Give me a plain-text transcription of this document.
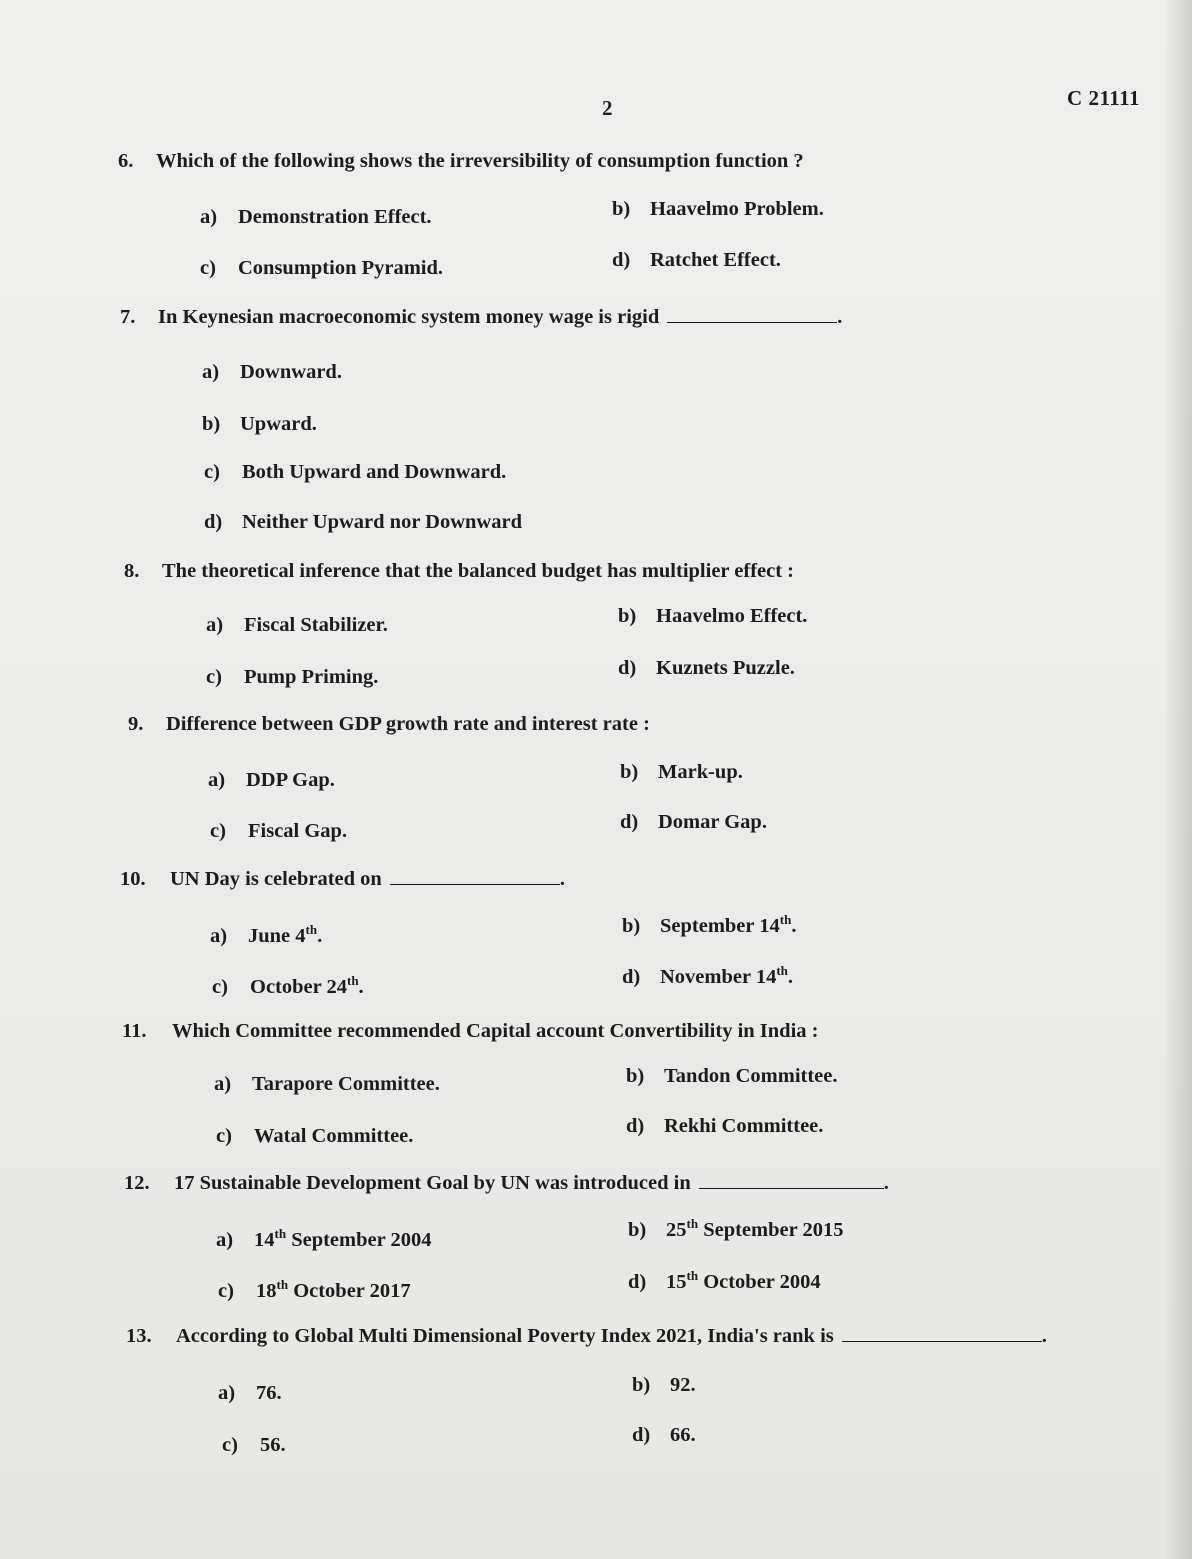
2	C 21111
6. Which of the following shows the irreversibility of consumption function ?
a) Demonstration Effect.	b) Haavelmo Problem.
c) Consumption Pyramid.	d) Ratchet Effect.
7. In Keynesian macroeconomic system money wage is rigid	.
a) Downward.
b) Upward.
c) Both Upward and Downward.
d) Neither Upward nor Downward
8. The theoretical inference that the balanced budget has multiplier effect :
a) Fiscal Stabilizer.	b) Haavelmo Effect.
c) Pump Priming.	d) Kuznets Puzzle.
9. Difference between GDP growth rate and interest rate :
a) DDP Gap.	b) Mark-up.
c) Fiscal Gap.	d) Domar Gap.
10. UN Day is celebrated on	.
a) June 4th.	b) September 14th.
c) October 24th.	d) November 14th.
11. Which Committee recommended Capital account Convertibility in India :
a) Tarapore Committee.	b) Tandon Committee.
c) Watal Committee.	d) Rekhi Committee.
12. 17 Sustainable Development Goal by UN was introduced in	.
a) 14th September 2004	b) 25th September 2015
c) 18th October 2017	d) 15th October 2004
13. According to Global Multi Dimensional Poverty Index 2021, India's rank is	.
a) 76.	b) 92.
c) 56.	d) 66.
